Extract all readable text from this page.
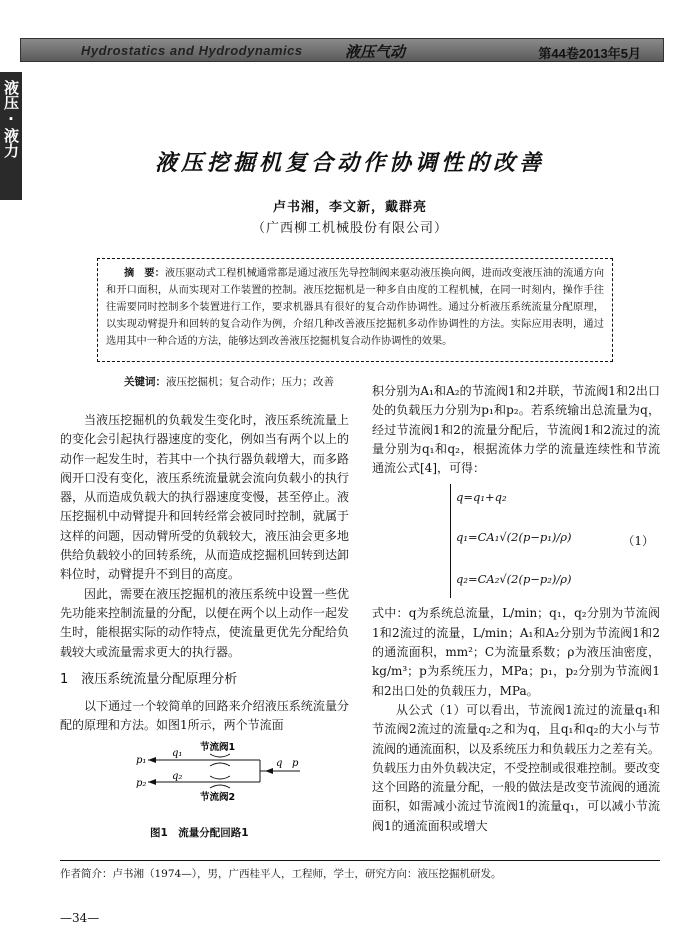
Hydrostatics and Hydrodynamics	液压气动	第44卷2013年5月
液压·液力
液压挖掘机复合动作协调性的改善
卢书湘，李文新，戴群亮
（广西柳工机械股份有限公司）
摘　要：液压驱动式工程机械通常都是通过液压先导控制阀来驱动液压换向阀，进而改变液压油的流通方向和开口面积，从而实现对工作装置的控制。液压挖掘机是一种多自由度的工程机械，在同一时刻内，操作手往往需要同时控制多个装置进行工作，要求机器具有很好的复合动作协调性。通过分析液压系统流量分配原理，以实现动臂提升和回转的复合动作为例，介绍几种改善液压挖掘机多动作协调性的方法。实际应用表明，通过选用其中一种合适的方法，能够达到改善液压挖掘机复合动作协调性的效果。
关键词：液压挖掘机；复合动作；压力；改善

当液压挖掘机的负载发生变化时，液压系统流量上的变化会引起执行器速度的变化，例如当有两个以上的动作一起发生时，若其中一个执行器负载增大，而多路阀开口没有变化，液压系统流量就会流向负载小的执行器，从而造成负载大的执行器速度变慢，甚至停止。液压挖掘机中动臂提升和回转经常会被同时控制，就属于这样的问题，因动臂所受的负载较大，液压油会更多地供给负载较小的回转系统，从而造成挖掘机回转到达卸料位时，动臂提升不到目的高度。

因此，需要在液压挖掘机的液压系统中设置一些优先功能来控制流量的分配，以便在两个以上动作一起发生时，能根据实际的动作特点，使流量更优先分配给负载较大或流量需求更大的执行器。

1　液压系统流量分配原理分析

以下通过一个较简单的回路来介绍液压系统流量分配的原理和方法。如图1所示，两个节流面

p₁
p₂
q₁
q₂
节流阀1
节流阀2
q p
图1　流量分配回路1

积分别为A₁和A₂的节流阀1和2并联，节流阀1和2出口处的负载压力分别为p₁和p₂。若系统输出总流量为q，经过节流阀1和2的流量分配后，节流阀1和2流过的流量分别为q₁和q₂，根据流体力学的流量连续性和节流通流公式[4]，可得：

q=q₁+q₂
q₁=CA₁√(2(p−p₁)/ρ)
q₂=CA₂√(2(p−p₂)/ρ)
（1）

式中：q为系统总流量，L/min；q₁，q₂分别为节流阀1和2流过的流量，L/min；A₁和A₂分别为节流阀1和2的通流面积，mm²；C为流量系数；ρ为液压油密度，kg/m³；p为系统压力，MPa；p₁，p₂分别为节流阀1和2出口处的负载压力，MPa。

从公式（1）可以看出，节流阀1流过的流量q₁和节流阀2流过的流量q₂之和为q，且q₁和q₂的大小与节流阀的通流面积，以及系统压力和负载压力之差有关。负载压力由外负载决定，不受控制或很难控制。要改变这个回路的流量分配，一般的做法是改变节流阀的通流面积，如需减小流过节流阀1的流量q₁，可以减小节流阀1的通流面积或增大

作者简介：卢书湘（1974—），男，广西桂平人，工程师，学士，研究方向：液压挖掘机研发。
—34—
